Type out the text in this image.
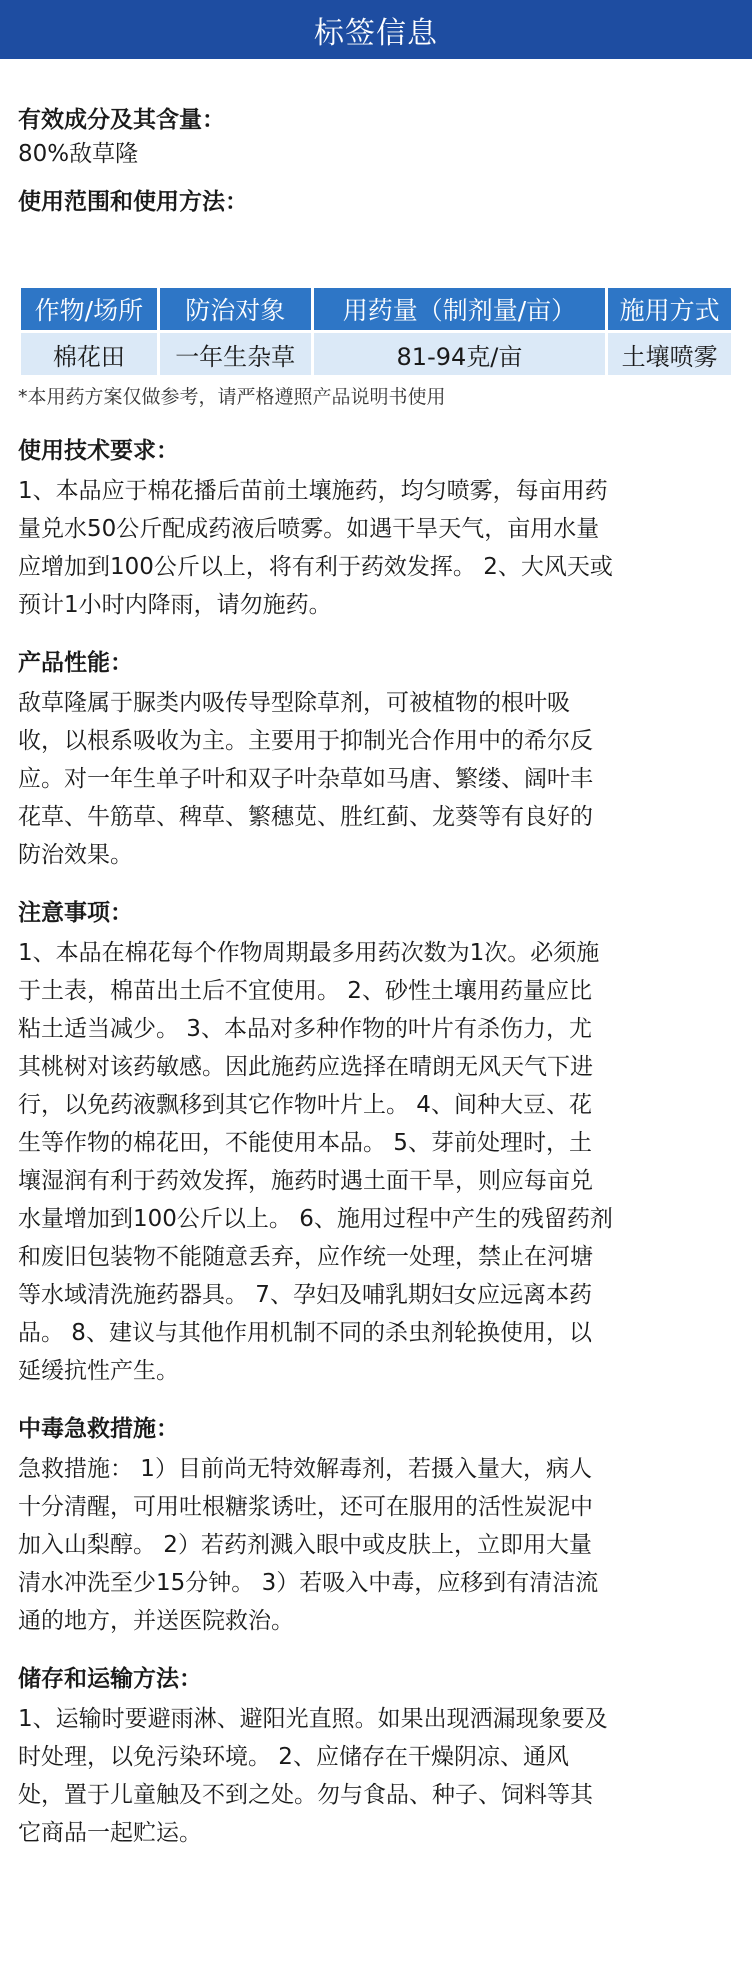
标签信息

有效成分及其含量：

80%敌草隆

使用范围和使用方法：

作物/场所	防治对象	用药量（制剂量/亩）	施用方式
棉花田	一年生杂草	81-94克/亩	土壤喷雾

*本用药方案仅做参考，请严格遵照产品说明书使用

使用技术要求：

1、本品应于棉花播后苗前土壤施药，均匀喷雾，每亩用药

量兑水50公斤配成药液后喷雾。如遇干旱天气，亩用水量

应增加到100公斤以上，将有利于药效发挥。 2、大风天或

预计1小时内降雨，请勿施药。

产品性能：

敌草隆属于脲类内吸传导型除草剂，可被植物的根叶吸

收，以根系吸收为主。主要用于抑制光合作用中的希尔反

应。对一年生单子叶和双子叶杂草如马唐、繁缕、阔叶丰

花草、牛筋草、稗草、繁穗苋、胜红蓟、龙葵等有良好的

防治效果。

注意事项：

1、本品在棉花每个作物周期最多用药次数为1次。必须施

于土表，棉苗出土后不宜使用。 2、砂性土壤用药量应比

粘土适当减少。 3、本品对多种作物的叶片有杀伤力，尤

其桃树对该药敏感。因此施药应选择在晴朗无风天气下进

行，以免药液飘移到其它作物叶片上。 4、间种大豆、花

生等作物的棉花田，不能使用本品。 5、芽前处理时，土

壤湿润有利于药效发挥，施药时遇土面干旱，则应每亩兑

水量增加到100公斤以上。 6、施用过程中产生的残留药剂

和废旧包装物不能随意丢弃，应作统一处理，禁止在河塘

等水域清洗施药器具。 7、孕妇及哺乳期妇女应远离本药

品。 8、建议与其他作用机制不同的杀虫剂轮换使用，以

延缓抗性产生。

中毒急救措施：

急救措施： 1）目前尚无特效解毒剂，若摄入量大，病人

十分清醒，可用吐根糖浆诱吐，还可在服用的活性炭泥中

加入山梨醇。 2）若药剂溅入眼中或皮肤上，立即用大量

清水冲洗至少15分钟。 3）若吸入中毒，应移到有清洁流

通的地方，并送医院救治。

储存和运输方法：

1、运输时要避雨淋、避阳光直照。如果出现洒漏现象要及

时处理，以免污染环境。 2、应储存在干燥阴凉、通风

处，置于儿童触及不到之处。勿与食品、种子、饲料等其

它商品一起贮运。
